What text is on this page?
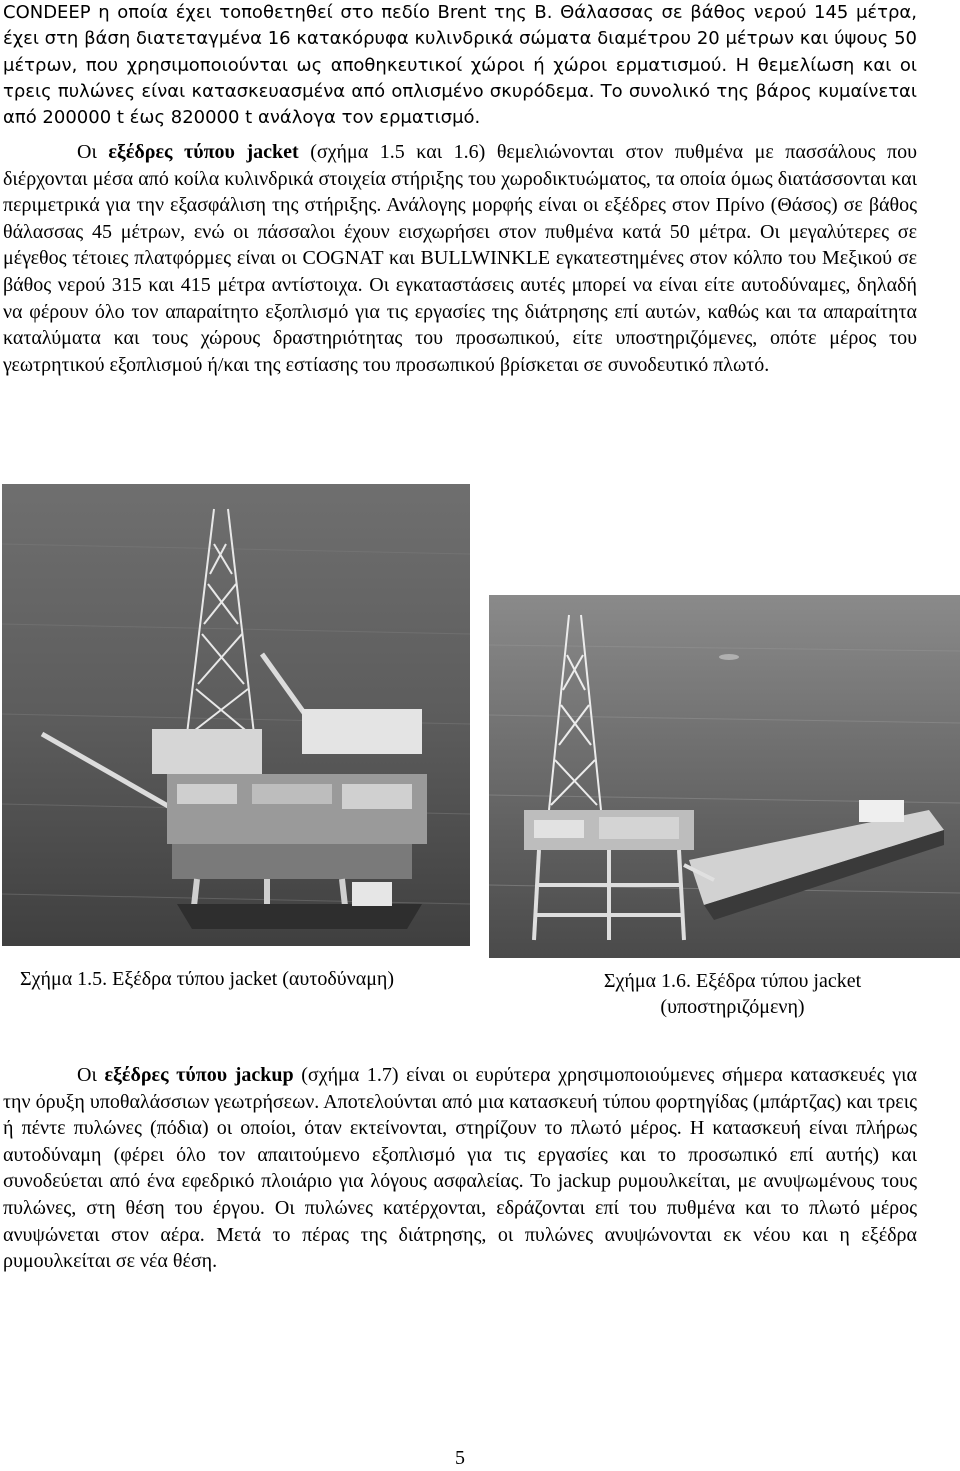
CONDEEP η οποία έχει τοποθετηθεί στο πεδίο Brent της Β. Θάλασσας σε βάθος νερού 145 μέτρα, έχει στη βάση διατεταγμένα 16 κατακόρυφα κυλινδρικά σώματα διαμέτρου 20 μέτρων και ύψους 50 μέτρων, που χρησιμοποιούνται ως αποθηκευτικοί χώροι ή χώροι ερματισμού. Η θεμελίωση και οι τρεις πυλώνες είναι κατασκευασμένα από οπλισμένο σκυρόδεμα. Το συνολικό της βάρος κυμαίνεται από 200000 t έως 820000 t ανάλογα τον ερματισμό.

Οι εξέδρες τύπου jacket (σχήμα 1.5 και 1.6) θεμελιώνονται στον πυθμένα με πασσάλους που διέρχονται μέσα από κοίλα κυλινδρικά στοιχεία στήριξης του χωροδικτυώματος, τα οποία όμως διατάσσονται και περιμετρικά για την εξασφάλιση της στήριξης. Ανάλογης μορφής είναι οι εξέδρες στον Πρίνο (Θάσος) σε βάθος θάλασσας 45 μέτρων, ενώ οι πάσσαλοι έχουν εισχωρήσει στον πυθμένα κατά 50 μέτρα. Οι μεγαλύτερες σε μέγεθος τέτοιες πλατφόρμες είναι οι COGNAT και BULLWINKLE εγκατεστημένες στον κόλπο του Μεξικού σε βάθος νερού 315 και 415 μέτρα αντίστοιχα. Οι εγκαταστάσεις αυτές μπορεί να είναι είτε αυτοδύναμες, δηλαδή να φέρουν όλο τον απαραίτητο εξοπλισμό για τις εργασίες της διάτρησης επί αυτών, καθώς και τα απαραίτητα καταλύματα και τους χώρους δραστηριότητας του προσωπικού, είτε υποστηριζόμενες, οπότε μέρος του γεωτρητικού εξοπλισμού ή/και της εστίασης του προσωπικού βρίσκεται σε συνοδευτικό πλωτό.

Σχήμα 1.5. Εξέδρα τύπου jacket (αυτοδύναμη)	Σχήμα 1.6. Εξέδρα τύπου jacket
(υποστηριζόμενη)

Οι εξέδρες τύπου jackup (σχήμα 1.7) είναι οι ευρύτερα χρησιμοποιούμενες σήμερα κατασκευές για την όρυξη υποθαλάσσιων γεωτρήσεων. Αποτελούνται από μια κατασκευή τύπου φορτηγίδας (μπάρτζας) και τρεις ή πέντε πυλώνες (πόδια) οι οποίοι, όταν εκτείνονται, στηρίζουν το πλωτό μέρος. Η κατασκευή είναι πλήρως αυτοδύναμη (φέρει όλο τον απαιτούμενο εξοπλισμό για τις εργασίες και το προσωπικό επί αυτής) και συνοδεύεται από ένα εφεδρικό πλοιάριο για λόγους ασφαλείας. Το jackup ρυμουλκείται, με ανυψωμένους τους πυλώνες, στη θέση του έργου. Οι πυλώνες κατέρχονται, εδράζονται επί του πυθμένα και το πλωτό μέρος ανυψώνεται στον αέρα. Μετά το πέρας της διάτρησης, οι πυλώνες ανυψώνονται εκ νέου και η εξέδρα ρυμουλκείται σε νέα θέση.

5
